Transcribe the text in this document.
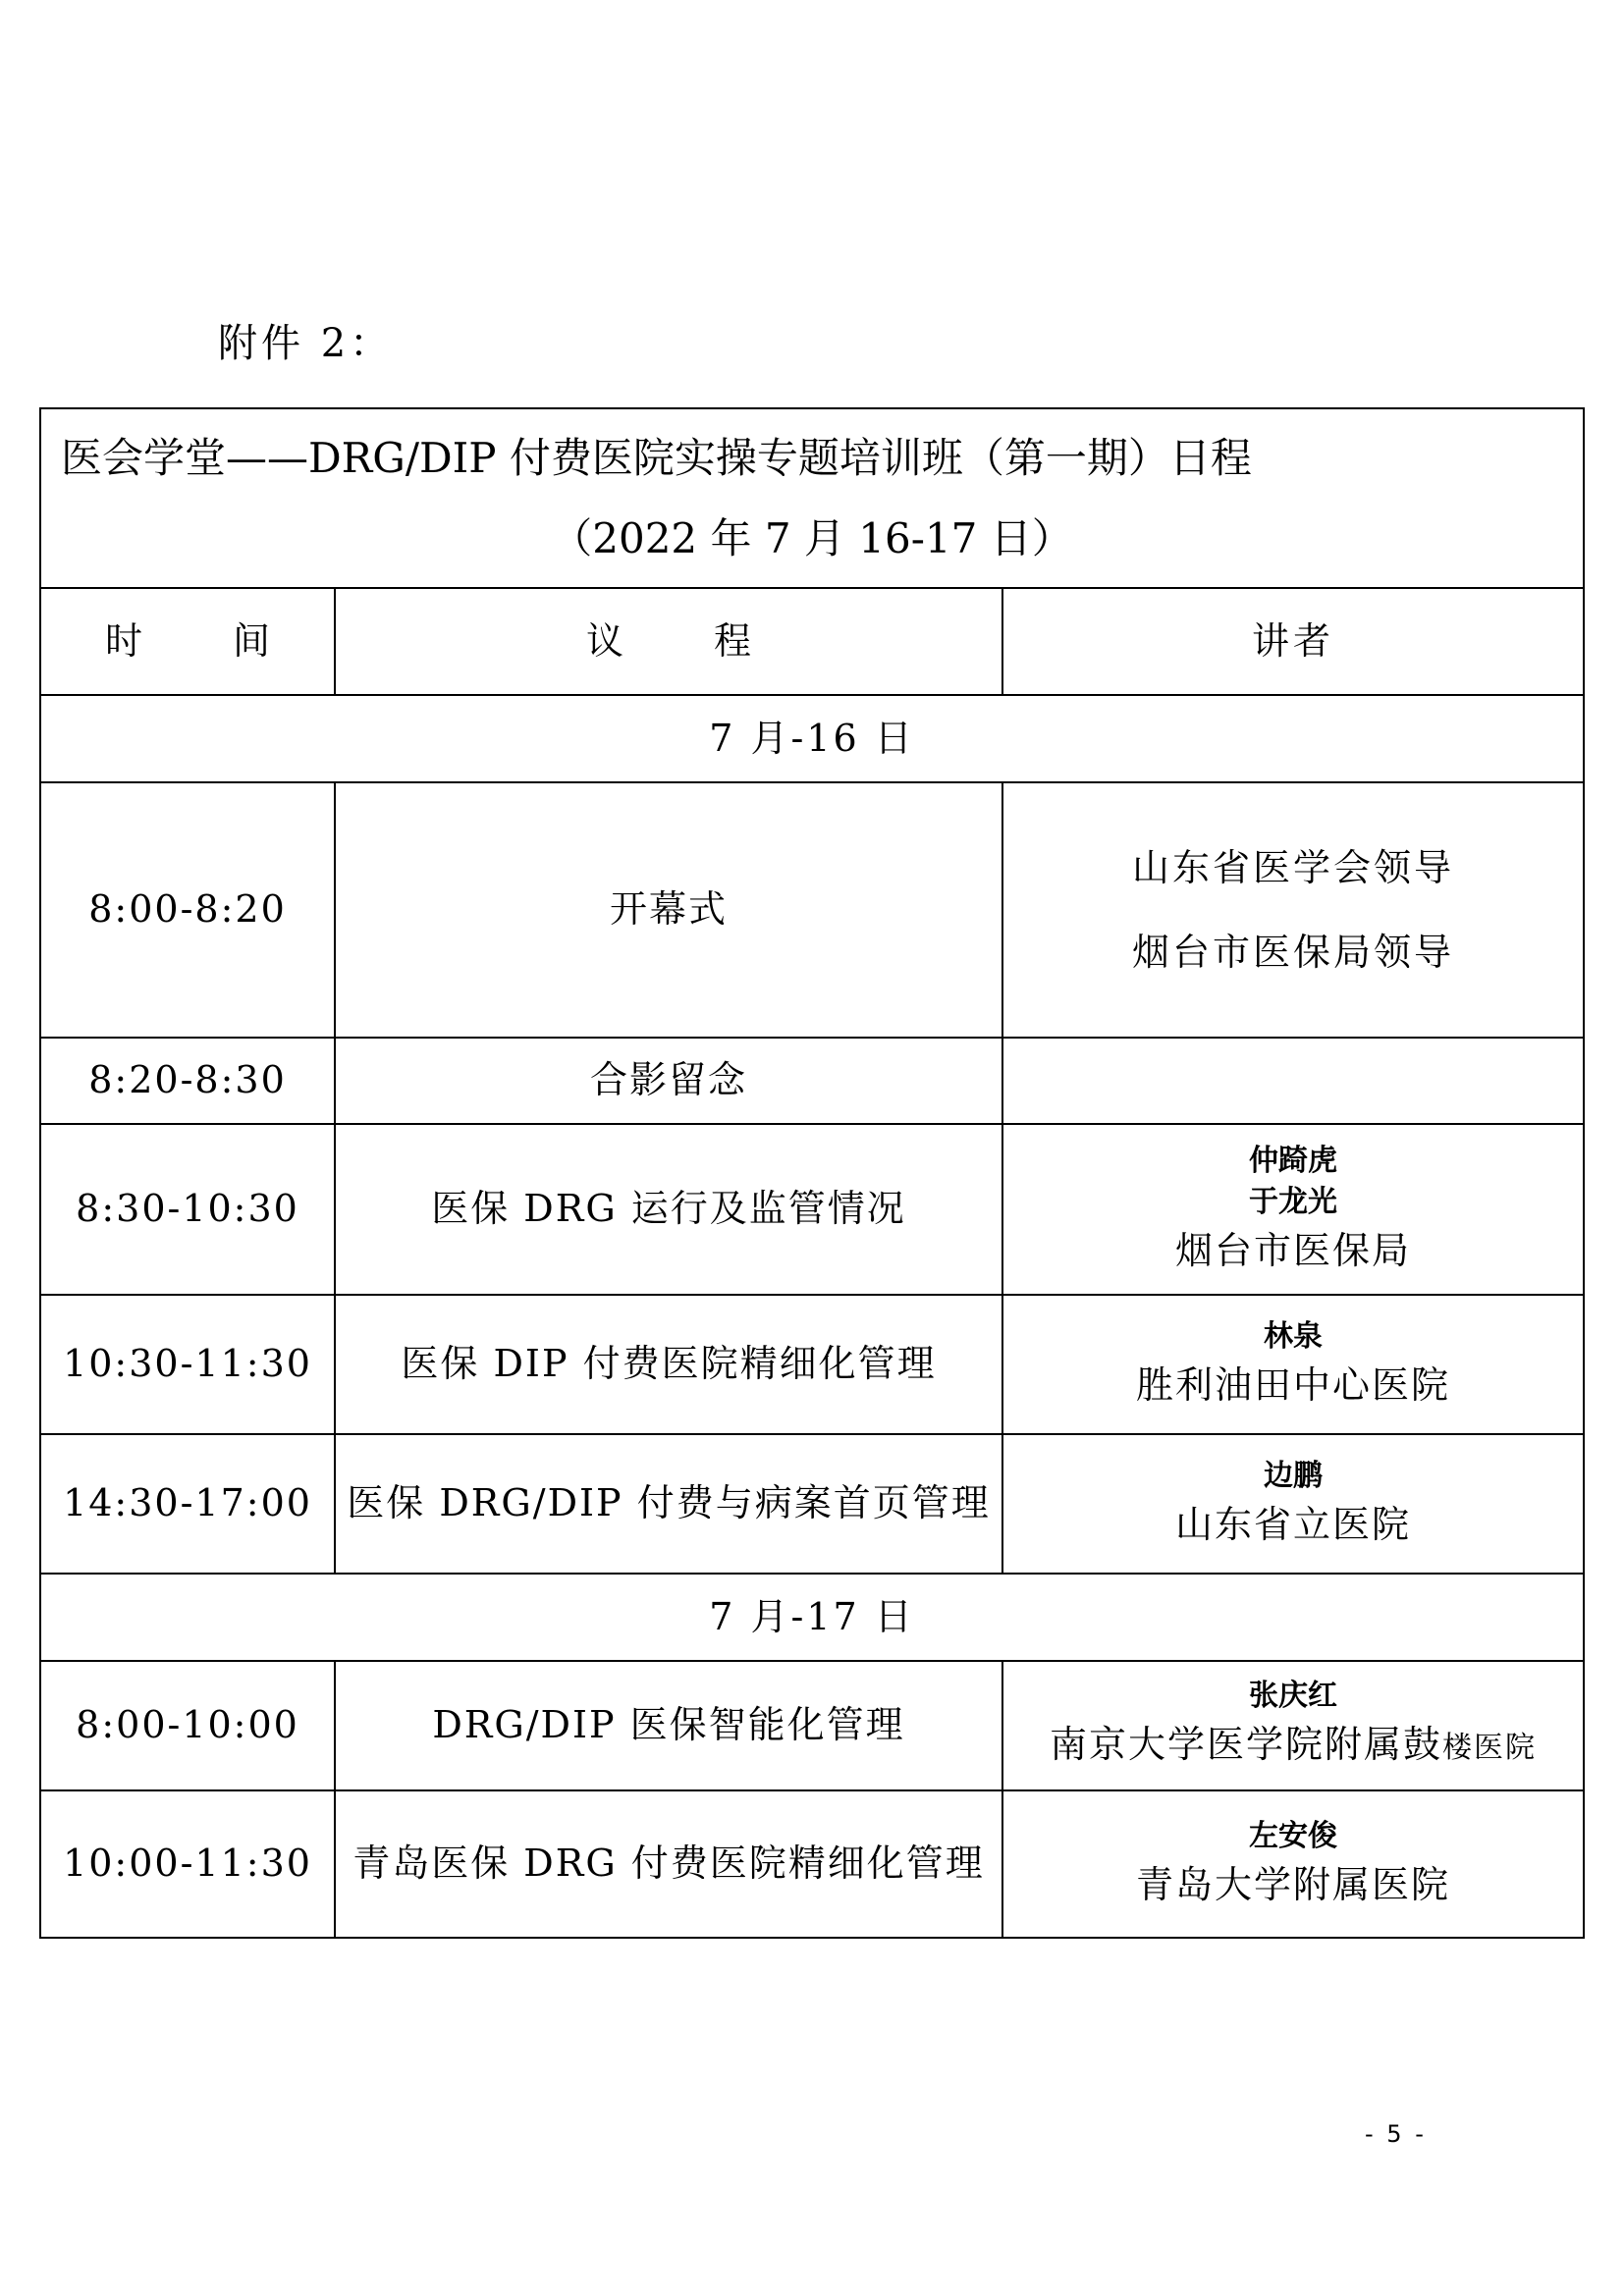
附件 2：
医会学堂——DRG/DIP 付费医院实操专题培训班（第一期）日程
（2022 年 7 月 16-17 日）		

时 间	议 程	讲者
7 月-16 日		
8:00-8:20	开幕式	山东省医学会领导
烟台市医保局领导

8:20-8:30	合影留念	
8:30-10:30	医保 DRG 运行及监管情况	仲踦虎
于龙光
烟台市医保局

10:30-11:30	医保 DIP 付费医院精细化管理	林泉
胜利油田中心医院

14:30-17:00	医保 DRG/DIP 付费与病案首页管理	边鹏
山东省立医院

7 月-17 日		
8:00-10:00	DRG/DIP 医保智能化管理	张庆红
南京大学医学院附属鼓楼医院

10:00-11:30	青岛医保 DRG 付费医院精细化管理	左安俊
青岛大学附属医院
- 5 -
